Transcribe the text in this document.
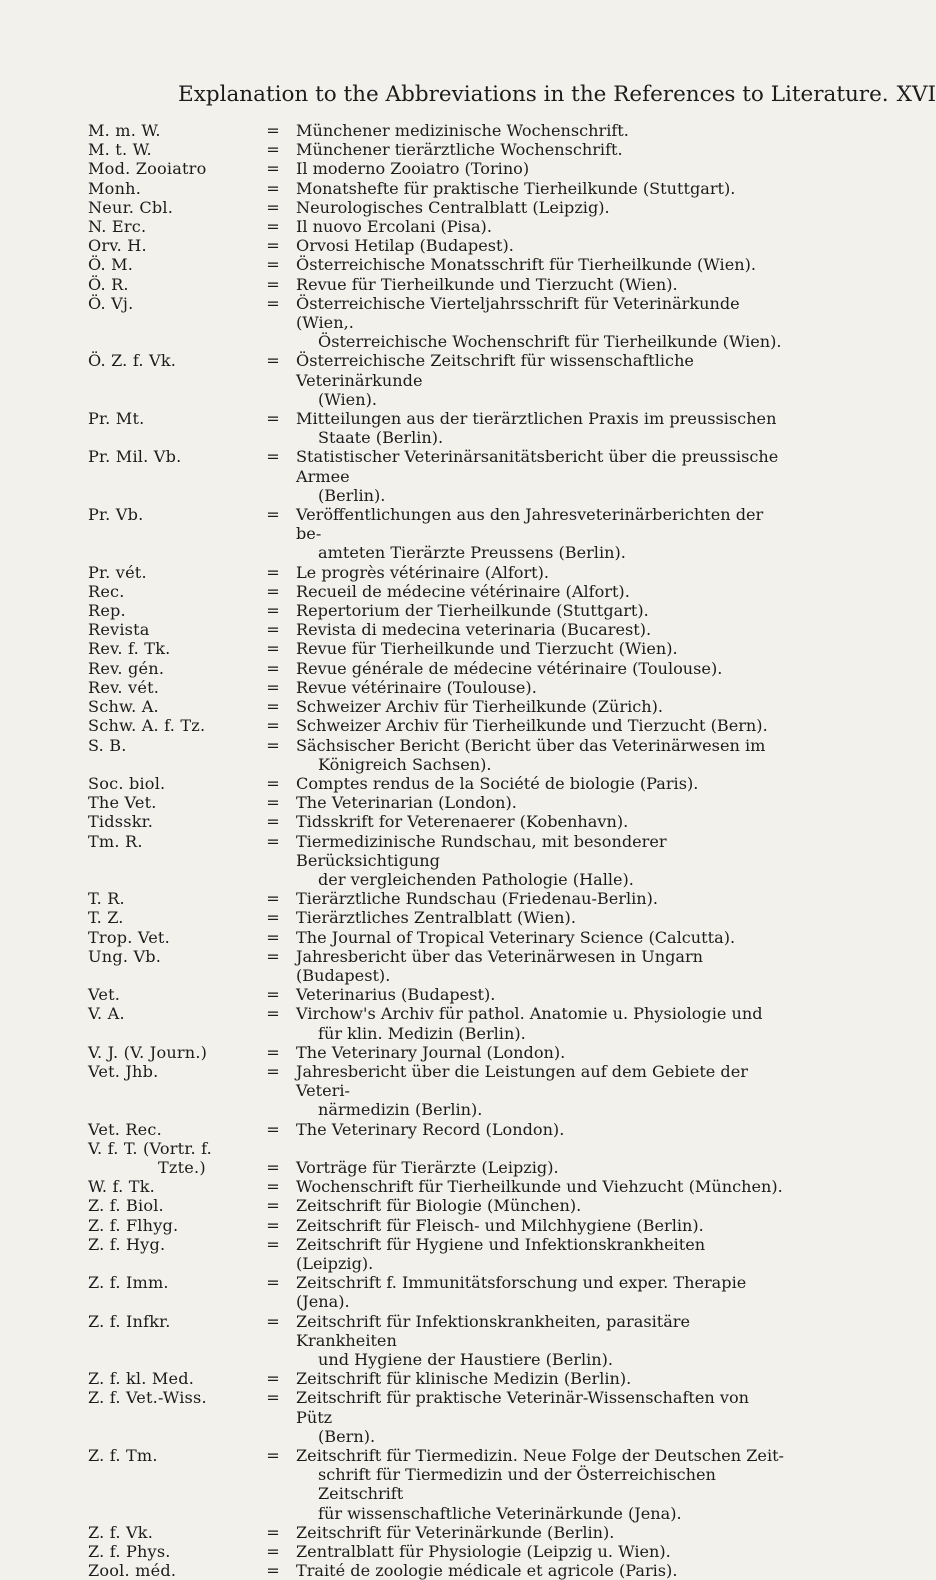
Explanation to the Abbreviations in the References to Literature. XVI
M. m. W.	=	Münchener medizinische Wochenschrift.
M. t. W.	=	Münchener tierärztliche Wochenschrift.
Mod. Zooiatro	=	Il moderno Zooiatro (Torino)
Monh.	=	Monatshefte für praktische Tierheilkunde (Stuttgart).
Neur. Cbl.	=	Neurologisches Centralblatt (Leipzig).
N. Erc.	=	Il nuovo Ercolani (Pisa).
Orv. H.	=	Orvosi Hetilap (Budapest).
Ö. M.	=	Österreichische Monatsschrift für Tierheilkunde (Wien).
Ö. R.	=	Revue für Tierheilkunde und Tierzucht (Wien).
Ö. Vj.	=	Österreichische Vierteljahrsschrift für Veterinärkunde (Wien,.
Österreichische Wochenschrift für Tierheilkunde (Wien).
Ö. Z. f. Vk.	=	Österreichische Zeitschrift für wissenschaftliche Veterinärkunde
(Wien).
Pr. Mt.	=	Mitteilungen aus der tierärztlichen Praxis im preussischen
Staate (Berlin).
Pr. Mil. Vb.	=	Statistischer Veterinärsanitätsbericht über die preussische Armee
(Berlin).
Pr. Vb.	=	Veröffentlichungen aus den Jahresveterinärberichten der be-
amteten Tierärzte Preussens (Berlin).
Pr. vét.	=	Le progrès vétérinaire (Alfort).
Rec.	=	Recueil de médecine vétérinaire (Alfort).
Rep.	=	Repertorium der Tierheilkunde (Stuttgart).
Revista	=	Revista di medecina veterinaria (Bucarest).
Rev. f. Tk.	=	Revue für Tierheilkunde und Tierzucht (Wien).
Rev. gén.	=	Revue générale de médecine vétérinaire (Toulouse).
Rev. vét.	=	Revue vétérinaire (Toulouse).
Schw. A.	=	Schweizer Archiv für Tierheilkunde (Zürich).
Schw. A. f. Tz.	=	Schweizer Archiv für Tierheilkunde und Tierzucht (Bern).
S. B.	=	Sächsischer Bericht (Bericht über das Veterinärwesen im
Königreich Sachsen).
Soc. biol.	=	Comptes rendus de la Société de biologie (Paris).
The Vet.	=	The Veterinarian (London).
Tidsskr.	=	Tidsskrift for Veterenaerer (Kobenhavn).
Tm. R.	=	Tiermedizinische Rundschau, mit besonderer Berücksichtigung
der vergleichenden Pathologie (Halle).
T. R.	=	Tierärztliche Rundschau (Friedenau-Berlin).
T. Z.	=	Tierärztliches Zentralblatt (Wien).
Trop. Vet.	=	The Journal of Tropical Veterinary Science (Calcutta).
Ung. Vb.	=	Jahresbericht über das Veterinärwesen in Ungarn (Budapest).
Vet.	=	Veterinarius (Budapest).
V. A.	=	Virchow's Archiv für pathol. Anatomie u. Physiologie und
für klin. Medizin (Berlin).
V. J. (V. Journ.)	=	The Veterinary Journal (London).
Vet. Jhb.	=	Jahresbericht über die Leistungen auf dem Gebiete der Veteri-
närmedizin (Berlin).
Vet. Rec.	=	The Veterinary Record (London).
V. f. T. (Vortr. f.
Tzte.)	=	Vorträge für Tierärzte (Leipzig).
W. f. Tk.	=	Wochenschrift für Tierheilkunde und Viehzucht (München).
Z. f. Biol.	=	Zeitschrift für Biologie (München).
Z. f. Flhyg.	=	Zeitschrift für Fleisch- und Milchhygiene (Berlin).
Z. f. Hyg.	=	Zeitschrift für Hygiene und Infektionskrankheiten (Leipzig).
Z. f. Imm.	=	Zeitschrift f. Immunitätsforschung und exper. Therapie (Jena).
Z. f. Infkr.	=	Zeitschrift für Infektionskrankheiten, parasitäre Krankheiten
und Hygiene der Haustiere (Berlin).
Z. f. kl. Med.	=	Zeitschrift für klinische Medizin (Berlin).
Z. f. Vet.-Wiss.	=	Zeitschrift für praktische Veterinär-Wissenschaften von Pütz
(Bern).
Z. f. Tm.	=	Zeitschrift für Tiermedizin. Neue Folge der Deutschen Zeit-
schrift für Tiermedizin und der Österreichischen Zeitschrift
für wissenschaftliche Veterinärkunde (Jena).
Z. f. Vk.	=	Zeitschrift für Veterinärkunde (Berlin).
Z. f. Phys.	=	Zentralblatt für Physiologie (Leipzig u. Wien).
Zool. méd.	=	Traité de zoologie médicale et agricole (Paris).
